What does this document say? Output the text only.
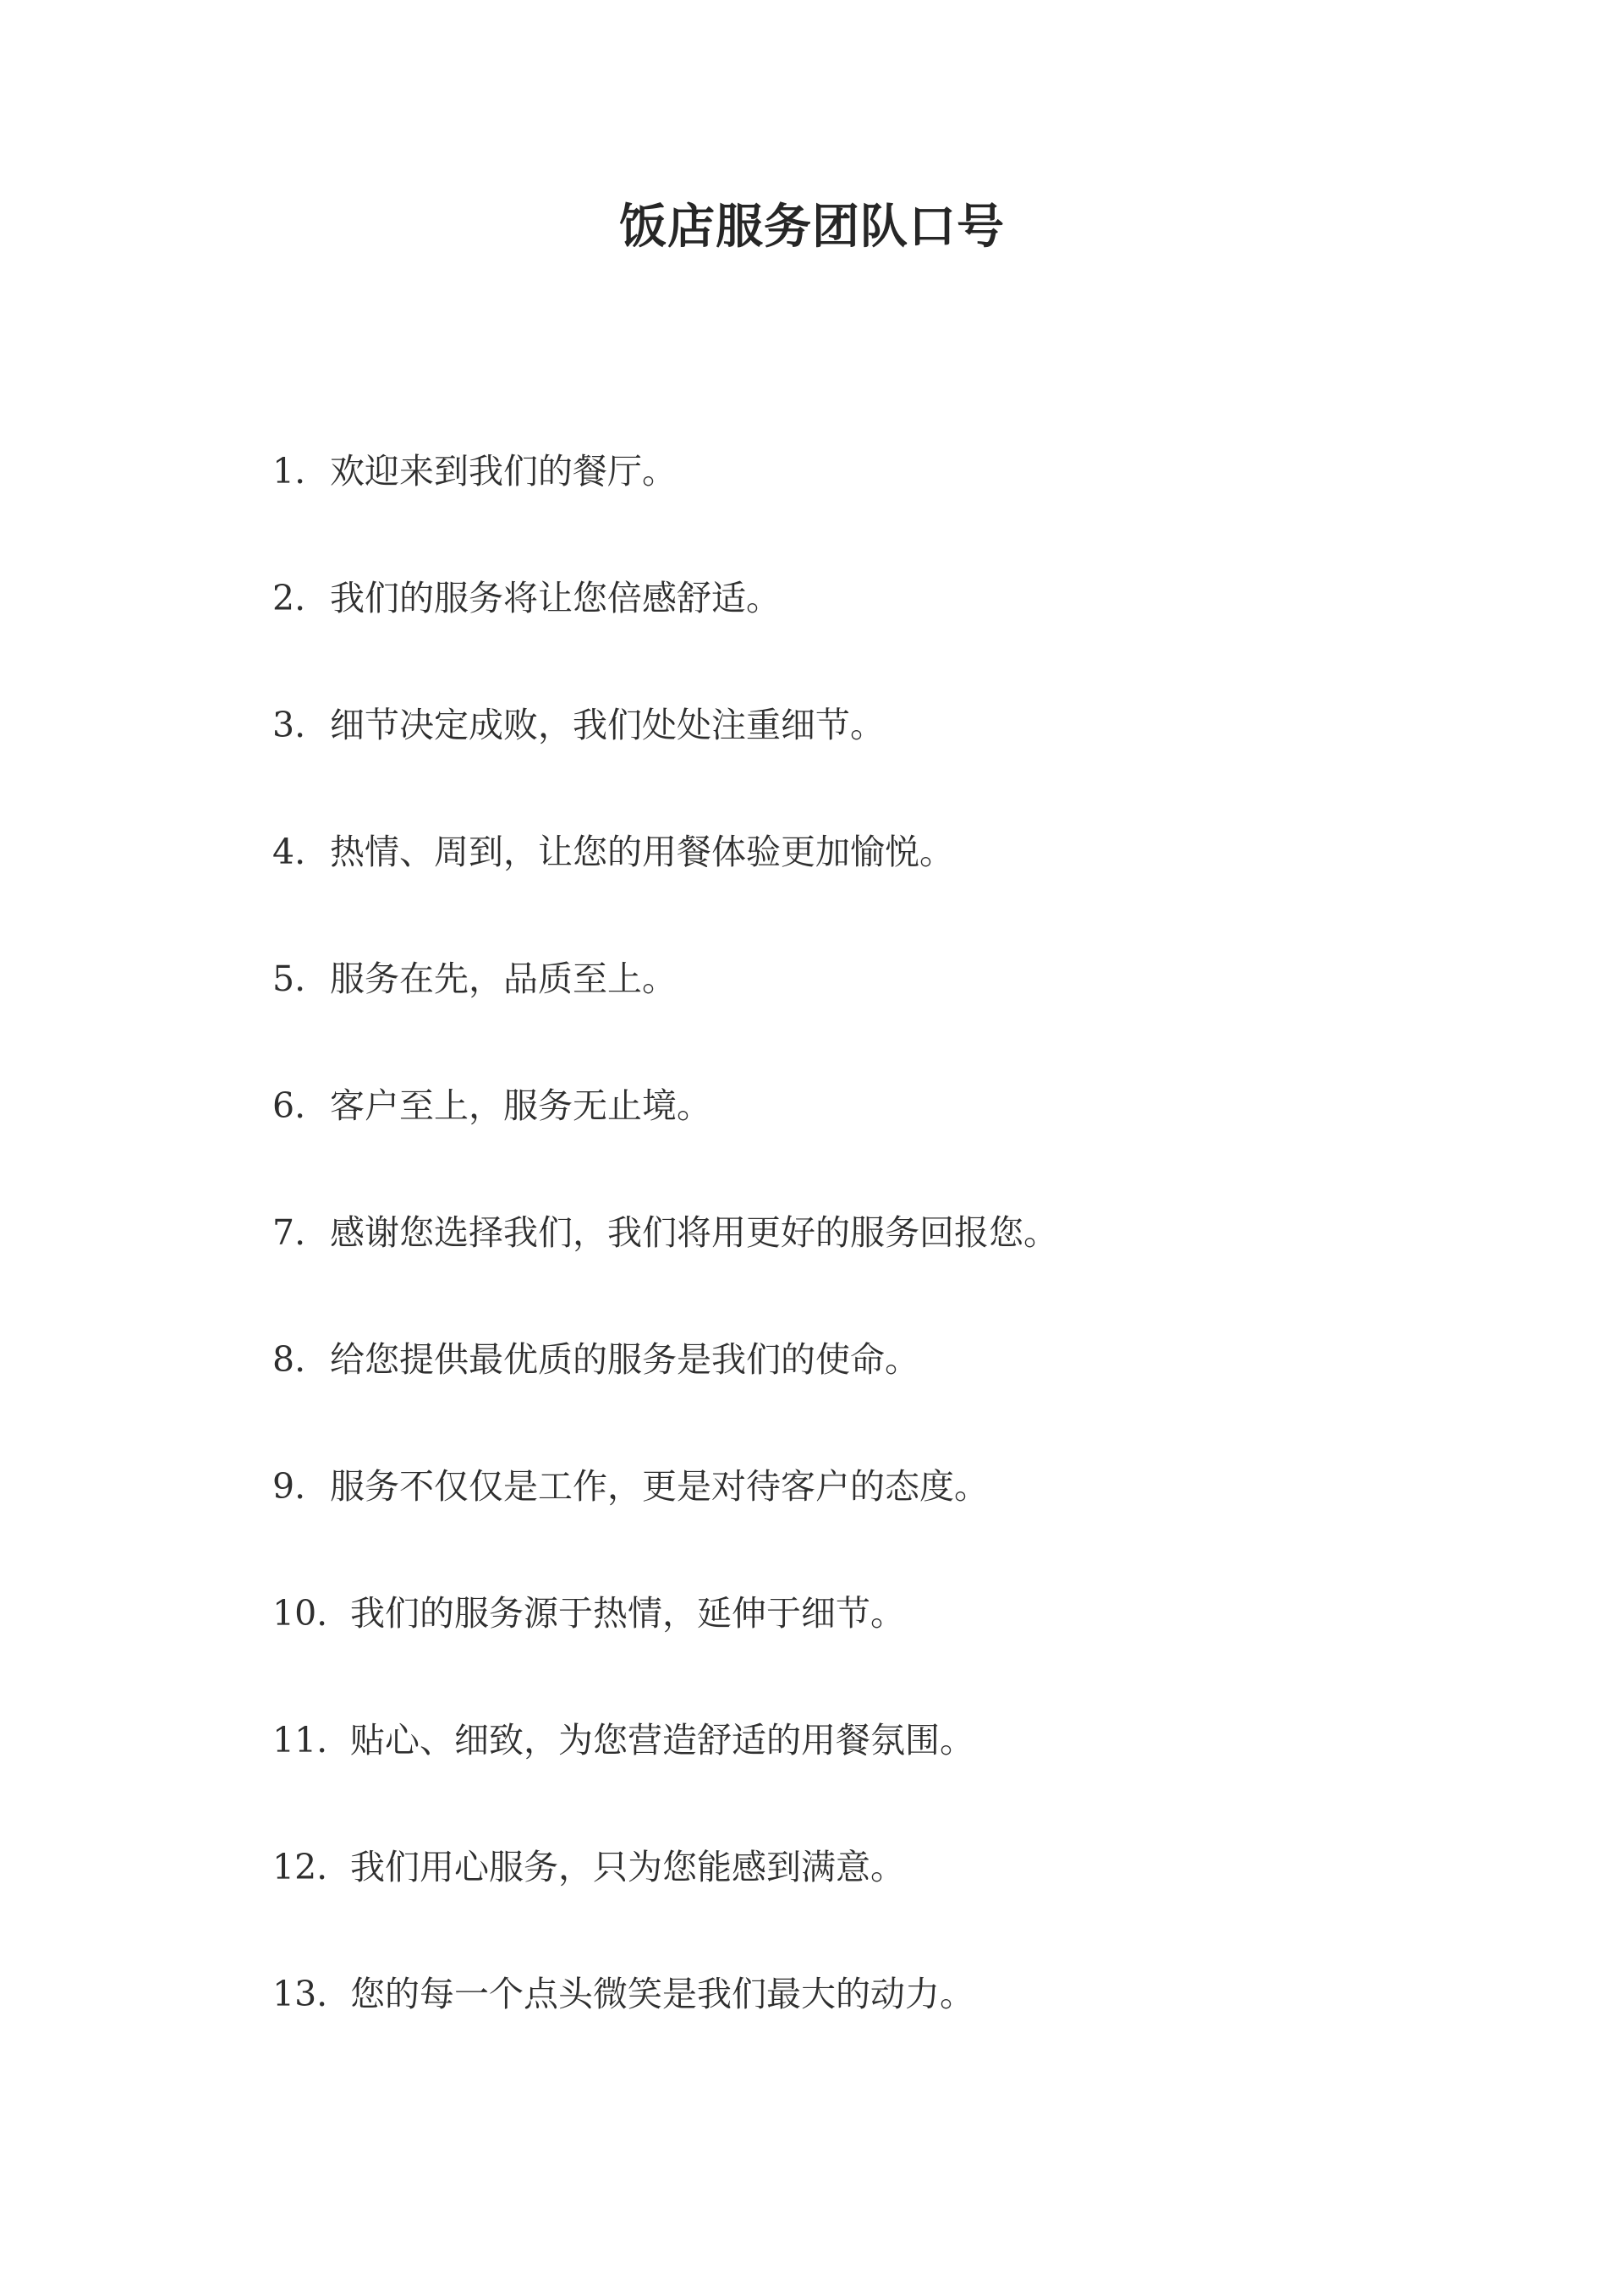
饭店服务团队口号
1. 欢迎来到我们的餐厅。
2. 我们的服务将让您倍感舒适。
3. 细节决定成败，我们处处注重细节。
4. 热情、周到，让您的用餐体验更加愉悦。
5. 服务在先，品质至上。
6. 客户至上，服务无止境。
7. 感谢您选择我们，我们将用更好的服务回报您。
8. 给您提供最优质的服务是我们的使命。
9. 服务不仅仅是工作，更是对待客户的态度。
10. 我们的服务源于热情，延伸于细节。
11. 贴心、细致，为您营造舒适的用餐氛围。
12. 我们用心服务，只为您能感到满意。
13. 您的每一个点头微笑是我们最大的动力。
